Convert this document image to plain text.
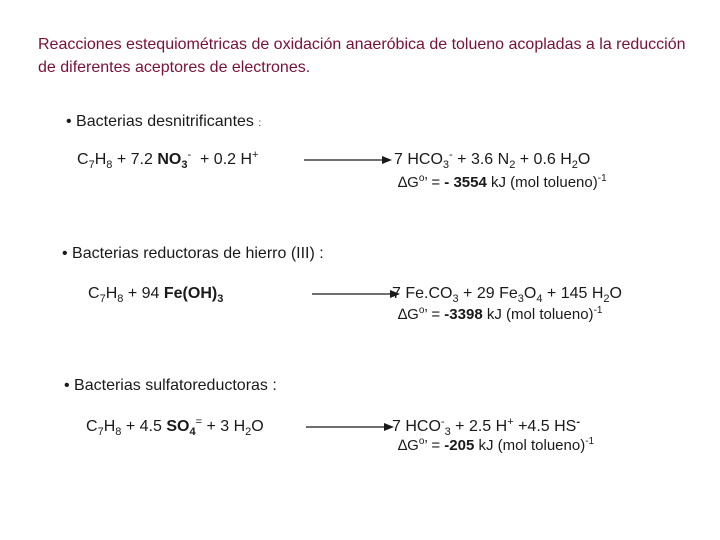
Reacciones estequiométricas de oxidación anaeróbica de tolueno acopladas a la reducción de diferentes aceptores de electrones.
• Bacterias desnitrificantes :
$C_7H_8 + 7.2$ $NO_3^- + 0.2$ H+	7 $HCO_3^- + 3.6$ $N_2 + 0.6$ $H_2O$
$\Delta G^o$’ = - 3554 kJ (mol tolueno)$^{-1}$
• Bacterias reductoras de hierro (III) :
$C_7H_8 + 94$ $Fe(OH)_3$	7 $Fe.CO_3 + 29$ $Fe_3O_4 + 145$ $H_2O$
$\Delta G^o$’ = -3398 kJ (mol tolueno)$^{-1}$
• Bacterias sulfatoreductoras :
$C_7H_8 + 4.5$ $SO_4^= + 3$ $H_2O$	7 $HCO^-_3 + 2.5$ H+ +4.5 HS-
$\Delta G^o$’ = -205 kJ (mol tolueno)$^{-1}$
